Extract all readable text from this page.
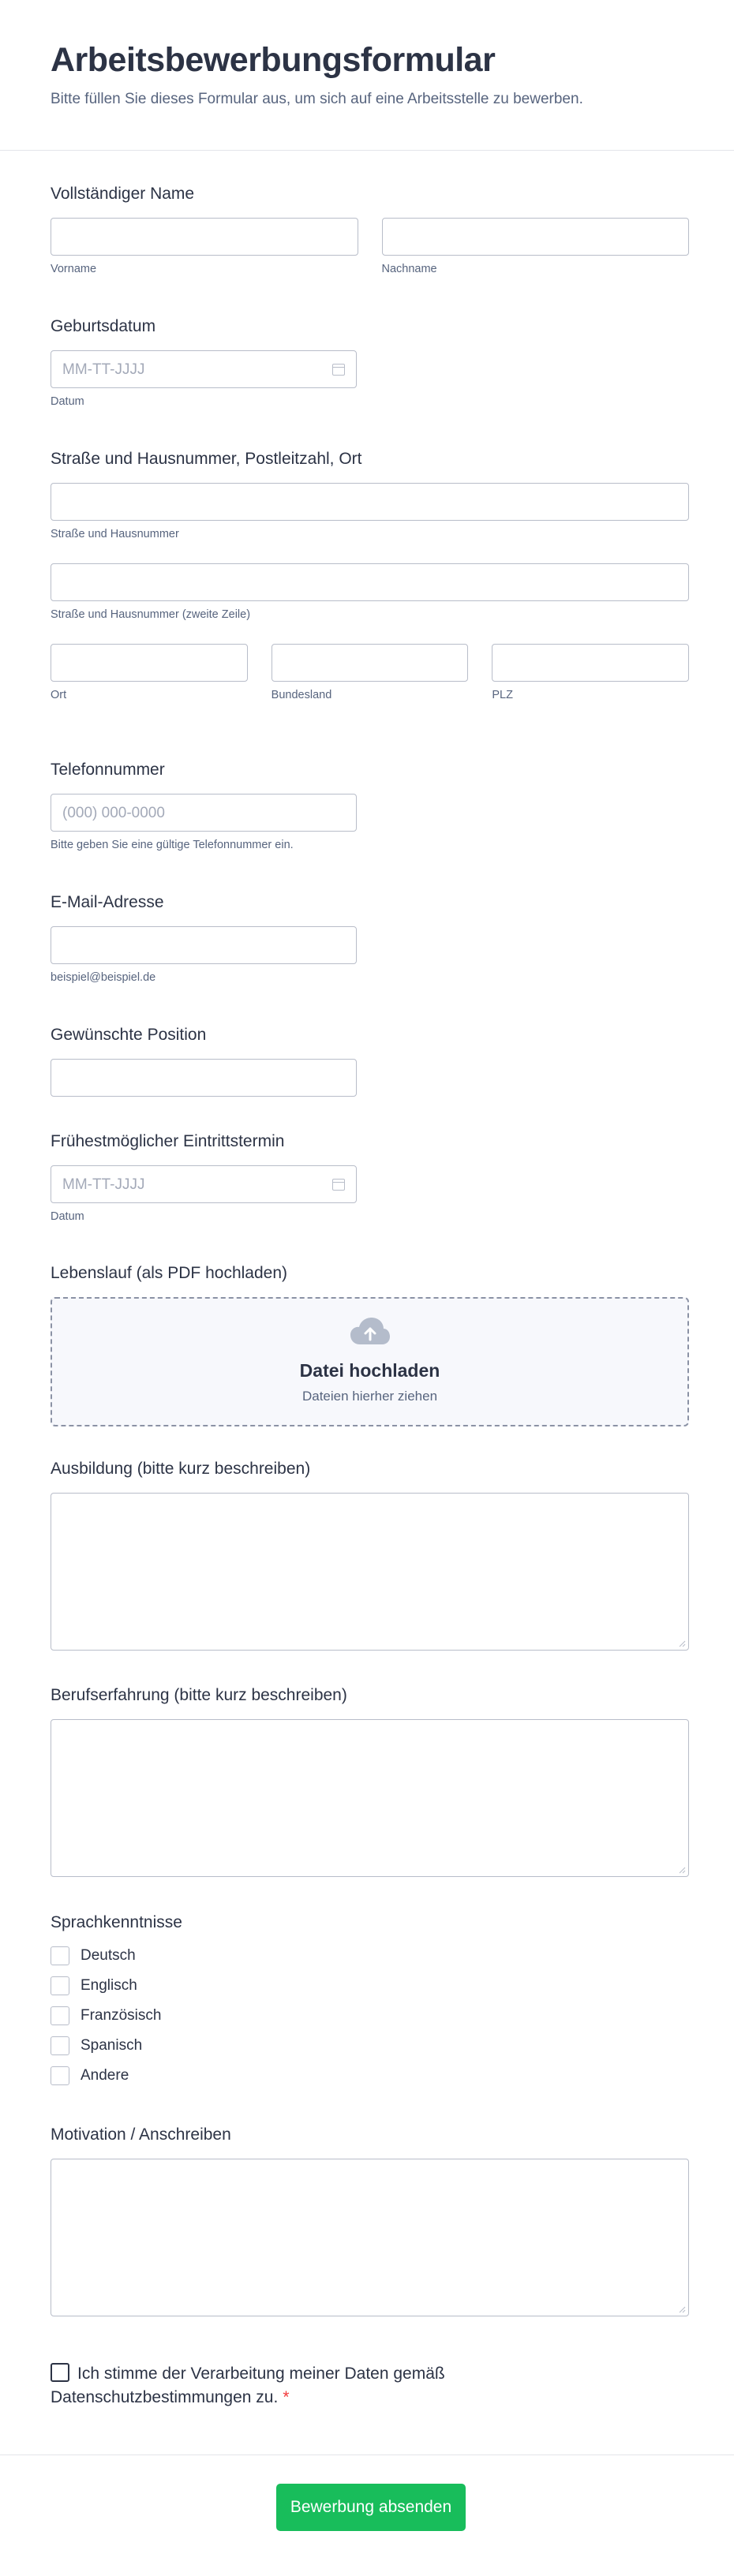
Arbeitsbewerbungsformular
Bitte füllen Sie dieses Formular aus, um sich auf eine Arbeitsstelle zu bewerben.
Vollständiger Name
Vorname	Nachname
Geburtsdatum
MM-TT-JJJJ
Datum
Straße und Hausnummer, Postleitzahl, Ort
Straße und Hausnummer
Straße und Hausnummer (zweite Zeile)
Ort	Bundesland	PLZ
Telefonnummer
(000) 000-0000
Bitte geben Sie eine gültige Telefonnummer ein.
E-Mail-Adresse
beispiel@beispiel.de
Gewünschte Position
Frühestmöglicher Eintrittstermin
MM-TT-JJJJ
Datum
Lebenslauf (als PDF hochladen)
Datei hochladen
Dateien hierher ziehen
Ausbildung (bitte kurz beschreiben)
Berufserfahrung (bitte kurz beschreiben)
Sprachkenntnisse
Deutsch
Englisch
Französisch
Spanisch
Andere
Motivation / Anschreiben
Ich stimme der Verarbeitung meiner Daten gemäß Datenschutzbestimmungen zu. *
Bewerbung absenden
